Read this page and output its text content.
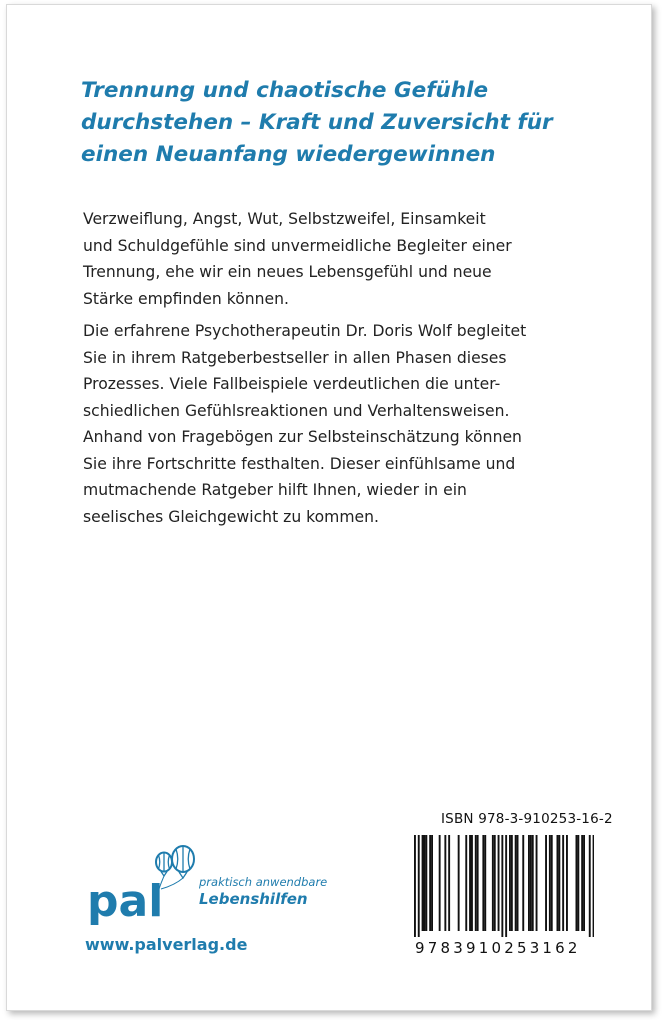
Trennung und chaotische Gefühle
durchstehen – Kraft und Zuversicht für
einen Neuanfang wiedergewinnen

Verzweiflung, Angst, Wut, Selbstzweifel, Einsamkeit
und Schuldgefühle sind unvermeidliche Begleiter einer
Trennung, ehe wir ein neues Lebensgefühl und neue
Stärke empfinden können.

Die erfahrene Psychotherapeutin Dr. Doris Wolf begleitet
Sie in ihrem Ratgeberbestseller in allen Phasen dieses
Prozesses. Viele Fallbeispiele verdeutlichen die unter-
schiedlichen Gefühlsreaktionen und Verhaltensweisen.
Anhand von Fragebögen zur Selbsteinschätzung können
Sie ihre Fortschritte festhalten. Dieser einfühlsame und
mutmachende Ratgeber hilft Ihnen, wieder in ein
seelisches Gleichgewicht zu kommen.

pal	praktisch anwendbare
Lebenshilfen
www.palverlag.de
ISBN 978-3-910253-16-2
9783910253162
